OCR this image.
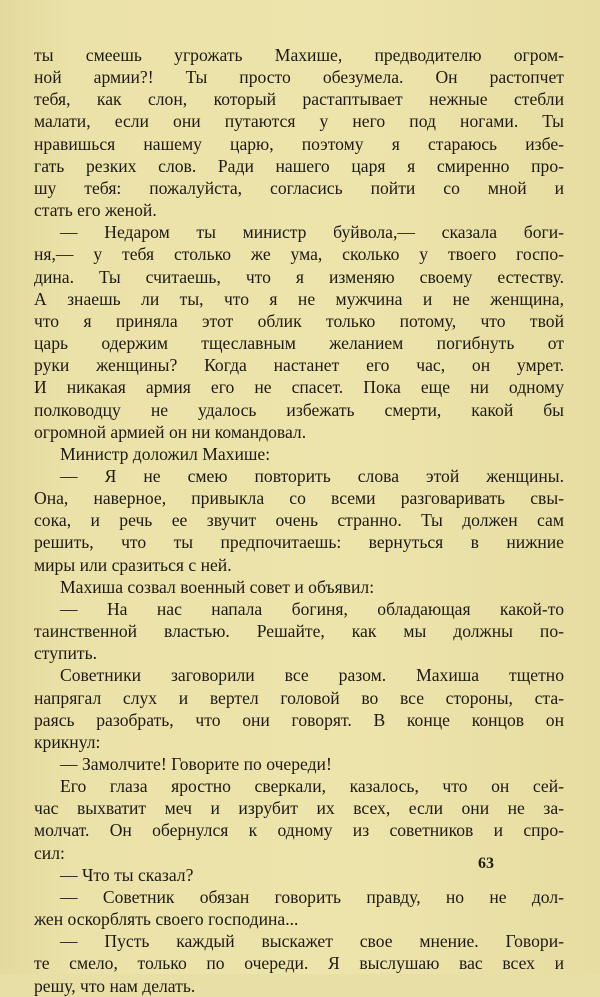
ты смеешь угрожать Махише, предводителю огром-
ной армии?! Ты просто обезумела. Он растопчет
тебя, как слон, который растаптывает нежные стебли
малати, если они путаются у него под ногами. Ты
нравишься нашему царю, поэтому я стараюсь избе-
гать резких слов. Ради нашего царя я смиренно про-
шу тебя: пожалуйста, согласись пойти со мной и
стать его женой.
— Недаром ты министр буйвола,— сказала боги-
ня,— у тебя столько же ума, сколько у твоего госпо-
дина. Ты считаешь, что я изменяю своему естеству.
А знаешь ли ты, что я не мужчина и не женщина,
что я приняла этот облик только потому, что твой
царь одержим тщеславным желанием погибнуть от
руки женщины? Когда настанет его час, он умрет.
И никакая армия его не спасет. Пока еще ни одному
полководцу не удалось избежать смерти, какой бы
огромной армией он ни командовал.
Министр доложил Махише:
— Я не смею повторить слова этой женщины.
Она, наверное, привыкла со всеми разговаривать свы-
сока, и речь ее звучит очень странно. Ты должен сам
решить, что ты предпочитаешь: вернуться в нижние
миры или сразиться с ней.
Махиша созвал военный совет и объявил:
— На нас напала богиня, обладающая какой-то
таинственной властью. Решайте, как мы должны по-
ступить.
Советники заговорили все разом. Махиша тщетно
напрягал слух и вертел головой во все стороны, ста-
раясь разобрать, что они говорят. В конце концов он
крикнул:
— Замолчите! Говорите по очереди!
Его глаза яростно сверкали, казалось, что он сей-
час выхватит меч и изрубит их всех, если они не за-
молчат. Он обернулся к одному из советников и спро-
сил:
— Что ты сказал?
— Советник обязан говорить правду, но не дол-
жен оскорблять своего господина...
— Пусть каждый выскажет свое мнение. Говори-
те смело, только по очереди. Я выслушаю вас всех и
решу, что нам делать.
63
